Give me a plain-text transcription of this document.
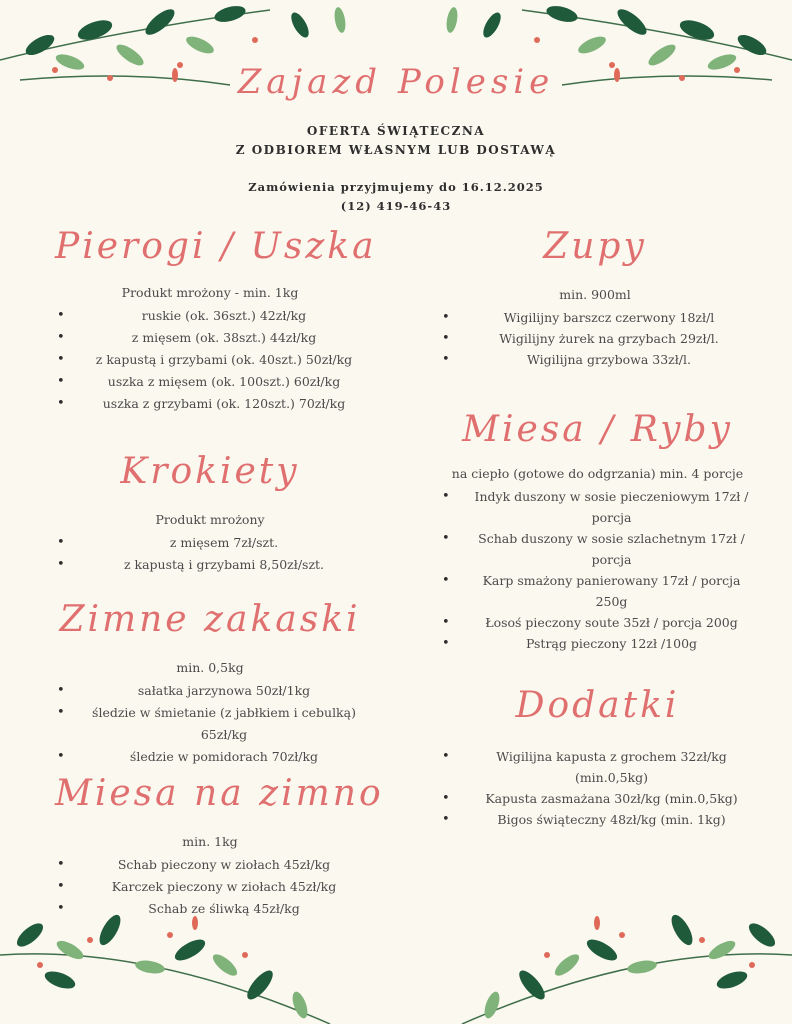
Zajazd Polesie
OFERTA ŚWIĄTECZNA
Z ODBIOREM WŁASNYM LUB DOSTAWĄ
Zamówienia przyjmujemy do 16.12.2025
(12) 419-46-43
Pierogi / Uszka
Produkt mrożony - min. 1kg
• ruskie (ok. 36szt.) 42zł/kg
• z mięsem (ok. 38szt.) 44zł/kg
• z kapustą i grzybami (ok. 40szt.) 50zł/kg
• uszka z mięsem (ok. 100szt.) 60zł/kg
• uszka z grzybami (ok. 120szt.) 70zł/kg
Krokiety
Produkt mrożony
• z mięsem 7zł/szt.
• z kapustą i grzybami 8,50zł/szt.
Zimne zakaski
min. 0,5kg
• sałatka jarzynowa 50zł/1kg
• śledzie w śmietanie (z jabłkiem i cebulką) 65zł/kg
• śledzie w pomidorach 70zł/kg
Miesa na zimno
min. 1kg
• Schab pieczony w ziołach 45zł/kg
• Karczek pieczony w ziołach 45zł/kg
• Schab ze śliwką 45zł/kg
Zupy
min. 900ml
• Wigilijny barszcz czerwony 18zł/l
• Wigilijny żurek na grzybach 29zł/l.
• Wigilijna grzybowa 33zł/l.
Miesa / Ryby
na ciepło (gotowe do odgrzania) min. 4 porcje
• Indyk duszony w sosie pieczeniowym 17zł / porcja
• Schab duszony w sosie szlachetnym 17zł / porcja
• Karp smażony panierowany 17zł / porcja 250g
• Łosoś pieczony soute 35zł / porcja 200g
• Pstrąg pieczony 12zł /100g
Dodatki
• Wigilijna kapusta z grochem 32zł/kg (min.0,5kg)
• Kapusta zasmażana 30zł/kg (min.0,5kg)
• Bigos świąteczny 48zł/kg (min. 1kg)
